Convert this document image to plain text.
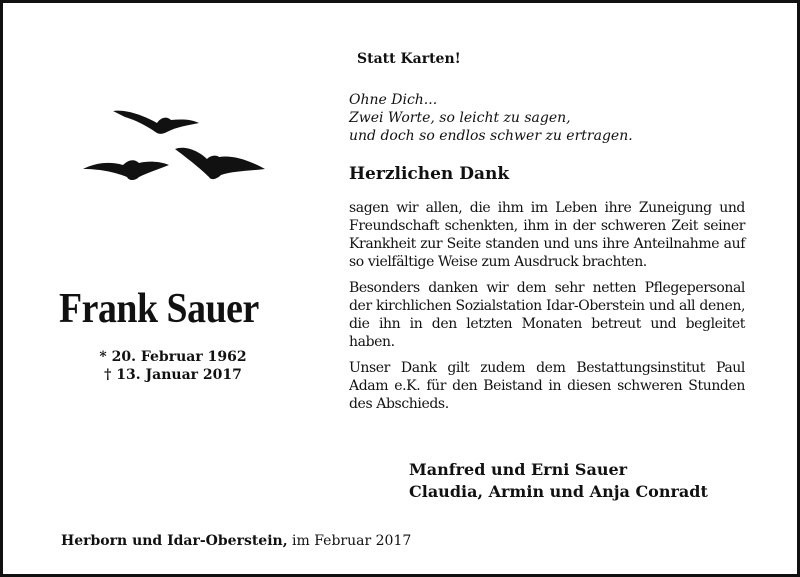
Frank Sauer
* 20. Februar 1962
† 13. Januar 2017
Statt Karten!
Ohne Dich...
Zwei Worte, so leicht zu sagen,
und doch so endlos schwer zu ertragen.
Herzlichen Dank
sagen wir allen, die ihm im Leben ihre Zuneigung und Freundschaft schenkten, ihm in der schweren Zeit seiner Krankheit zur Seite standen und uns ihre Anteilnahme auf so vielfältige Weise zum Ausdruck brachten.
Besonders danken wir dem sehr netten Pflegepersonal der kirchlichen Sozialstation Idar-Oberstein und all denen, die ihn in den letzten Monaten betreut und begleitet haben.
Unser Dank gilt zudem dem Bestattungsinstitut Paul Adam e.K. für den Beistand in diesen schweren Stunden des Abschieds.
Manfred und Erni Sauer
Claudia, Armin und Anja Conradt
Herborn und Idar-Oberstein, im Februar 2017
